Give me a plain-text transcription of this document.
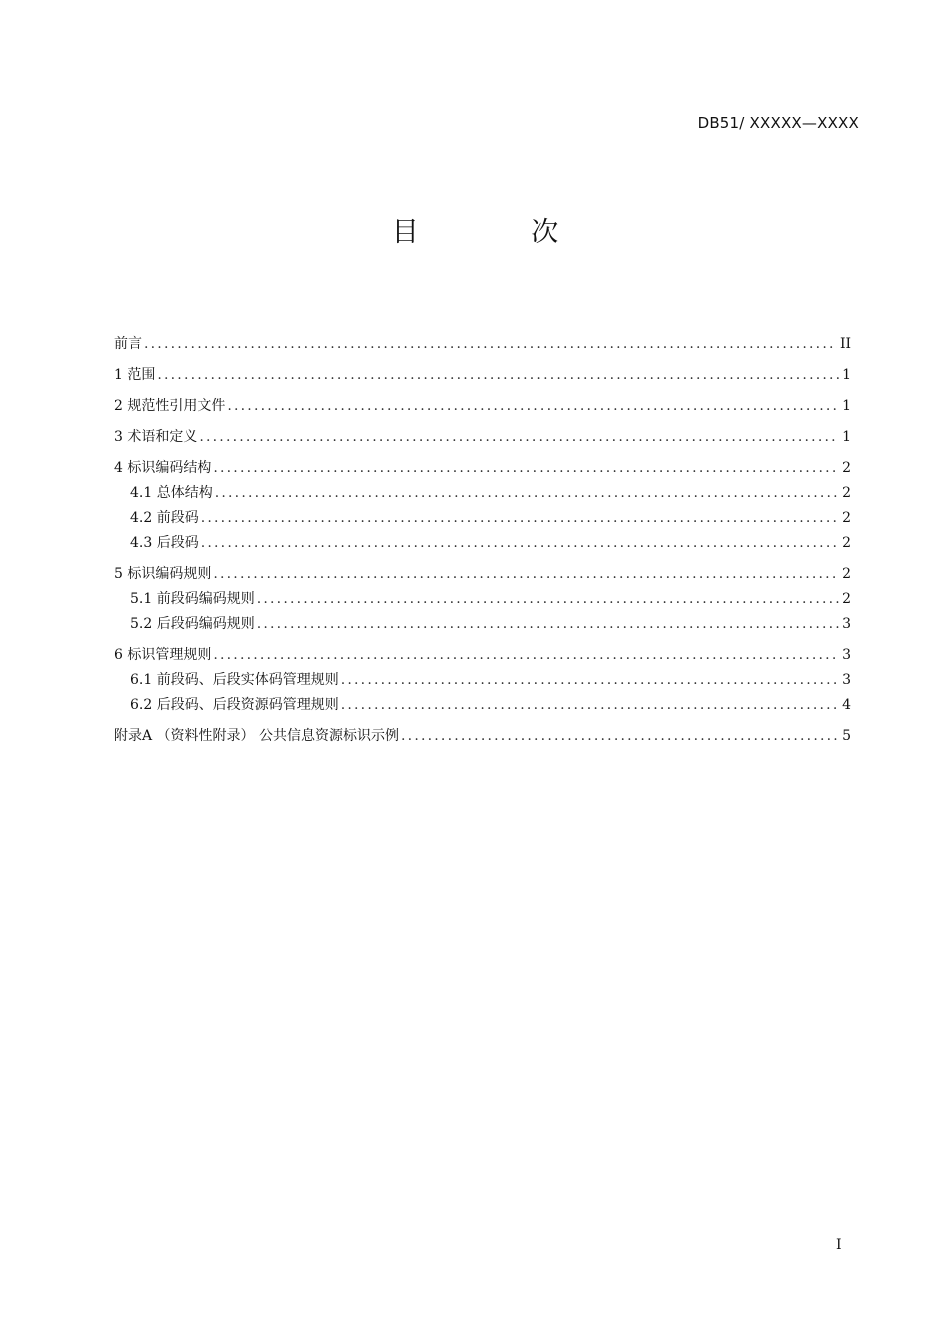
DB51/ XXXXX—XXXX
目 次
前言 .....	II
1 范围 .....	1
2 规范性引用文件 .....	1
3 术语和定义 .....	1
4 标识编码结构 .....	2
4.1 总体结构 .....	2
4.2 前段码 .....	2
4.3 后段码 .....	2
5 标识编码规则 .....	2
5.1 前段码编码规则 .....	2
5.2 后段码编码规则 .....	3
6 标识管理规则 .....	3
6.1 前段码、后段实体码管理规则 .....	3
6.2 后段码、后段资源码管理规则 .....	4
附录A （资料性附录） 公共信息资源标识示例 .....	5
I
